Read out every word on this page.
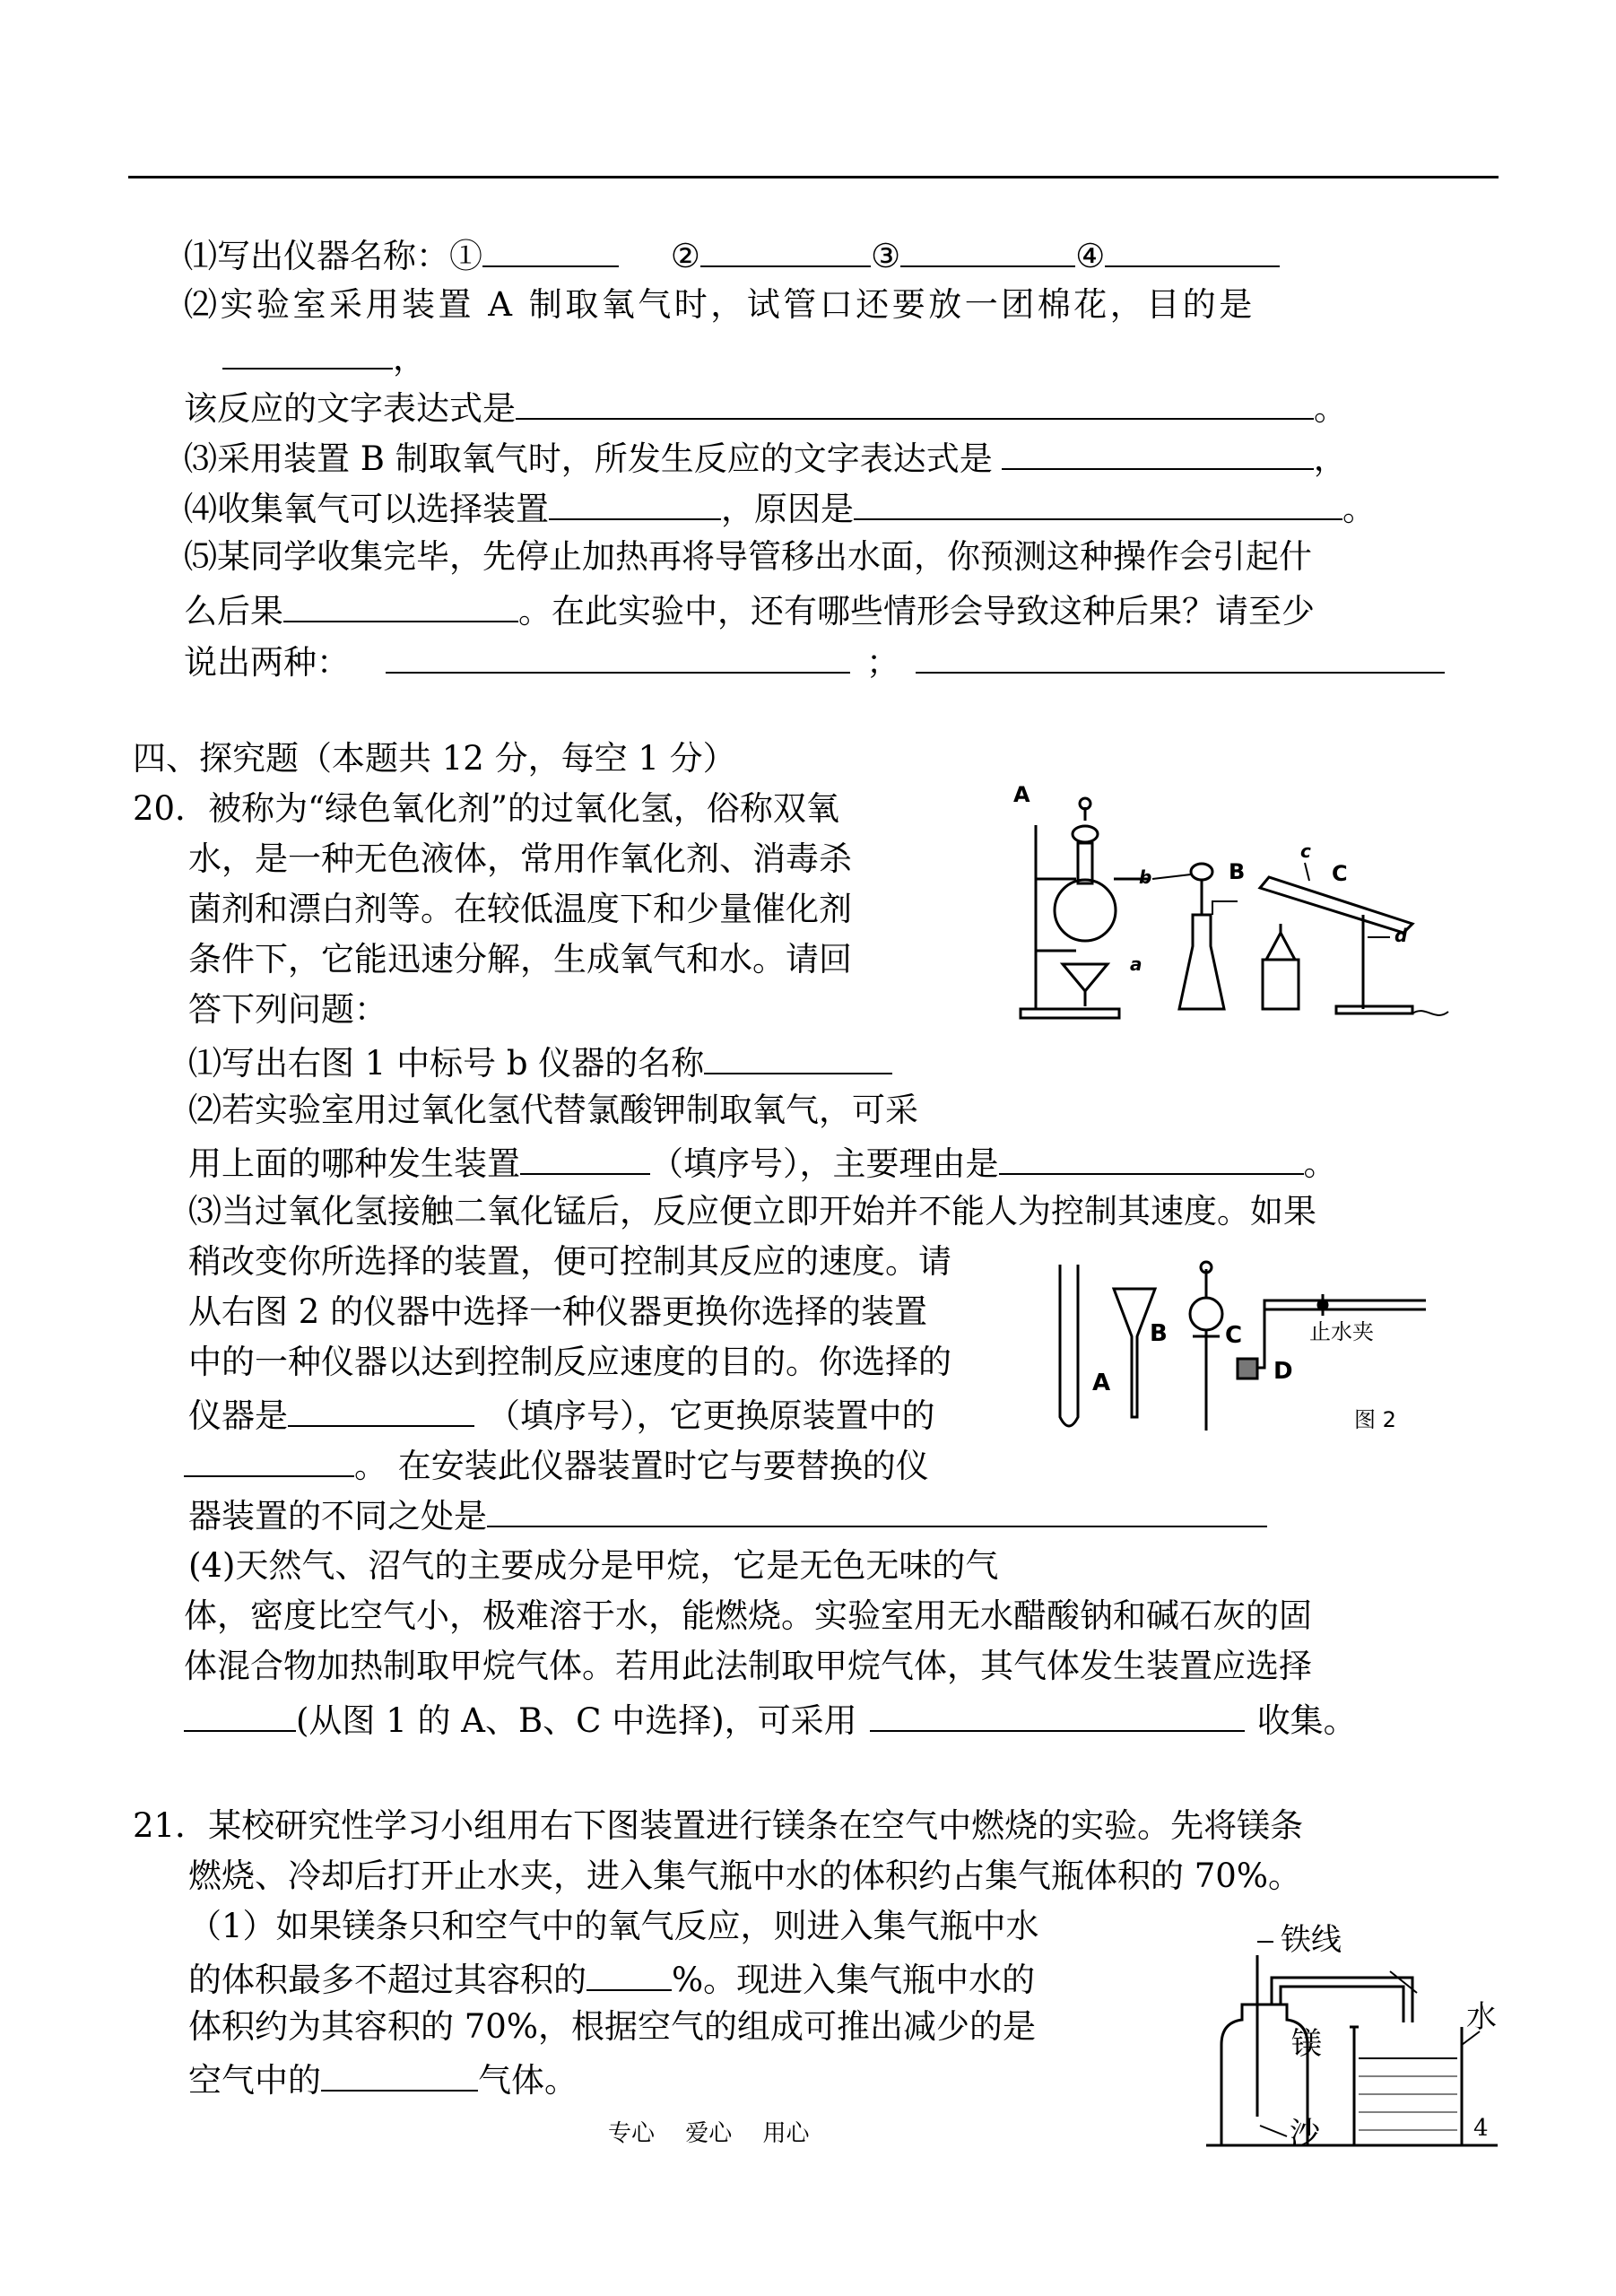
⑴写出仪器名称：①	②	③	④
⑵实验室采用装置 A 制取氧气时，试管口还要放一团棉花，目的是
，
该反应的文字表达式是	。
⑶采用装置 B 制取氧气时，所发生反应的文字表达式是	，
⑷收集氧气可以选择装置	，原因是	。
⑸某同学收集完毕，先停止加热再将导管移出水面，你预测这种操作会引起什
么后果	。在此实验中，还有哪些情形会导致这种后果？请至少
说出两种：	；
四、探究题（本题共 12 分，每空 1 分）
20．被称为“绿色氧化剂”的过氧化氢，俗称双氧
水，是一种无色液体，常用作氧化剂、消毒杀
菌剂和漂白剂等。在较低温度下和少量催化剂
条件下，它能迅速分解，生成氧气和水。请回
答下列问题：
⑴写出右图 1 中标号 b 仪器的名称
⑵若实验室用过氧化氢代替氯酸钾制取氧气，可采
用上面的哪种发生装置	（填序号），主要理由是	。
⑶当过氧化氢接触二氧化锰后，反应便立即开始并不能人为控制其速度。如果
稍改变你所选择的装置，便可控制其反应的速度。请
从右图 2 的仪器中选择一种仪器更换你选择的装置
中的一种仪器以达到控制反应速度的目的。你选择的
仪器是	（填序号），它更换原装置中的
。 在安装此仪器装置时它与要替换的仪
器装置的不同之处是
(4)天然气、沼气的主要成分是甲烷，它是无色无味的气
体，密度比空气小，极难溶于水，能燃烧。实验室用无水醋酸钠和碱石灰的固
体混合物加热制取甲烷气体。若用此法制取甲烷气体，其气体发生装置应选择
(从图 1 的 A、B、C 中选择)，可采用	收集。
A
a
b	B
c
C
d
A
B C
D
止水夹
图 2
21．某校研究性学习小组用右下图装置进行镁条在空气中燃烧的实验。先将镁条
燃烧、冷却后打开止水夹，进入集气瓶中水的体积约占集气瓶体积的 70%。
（1）如果镁条只和空气中的氧气反应，则进入集气瓶中水
的体积最多不超过其容积的	%。现进入集气瓶中水的
体积约为其容积的 70%，根据空气的组成可推出减少的是
空气中的	气体。
铁线
镁
水
沙
专心　 爱心　 用心	4
